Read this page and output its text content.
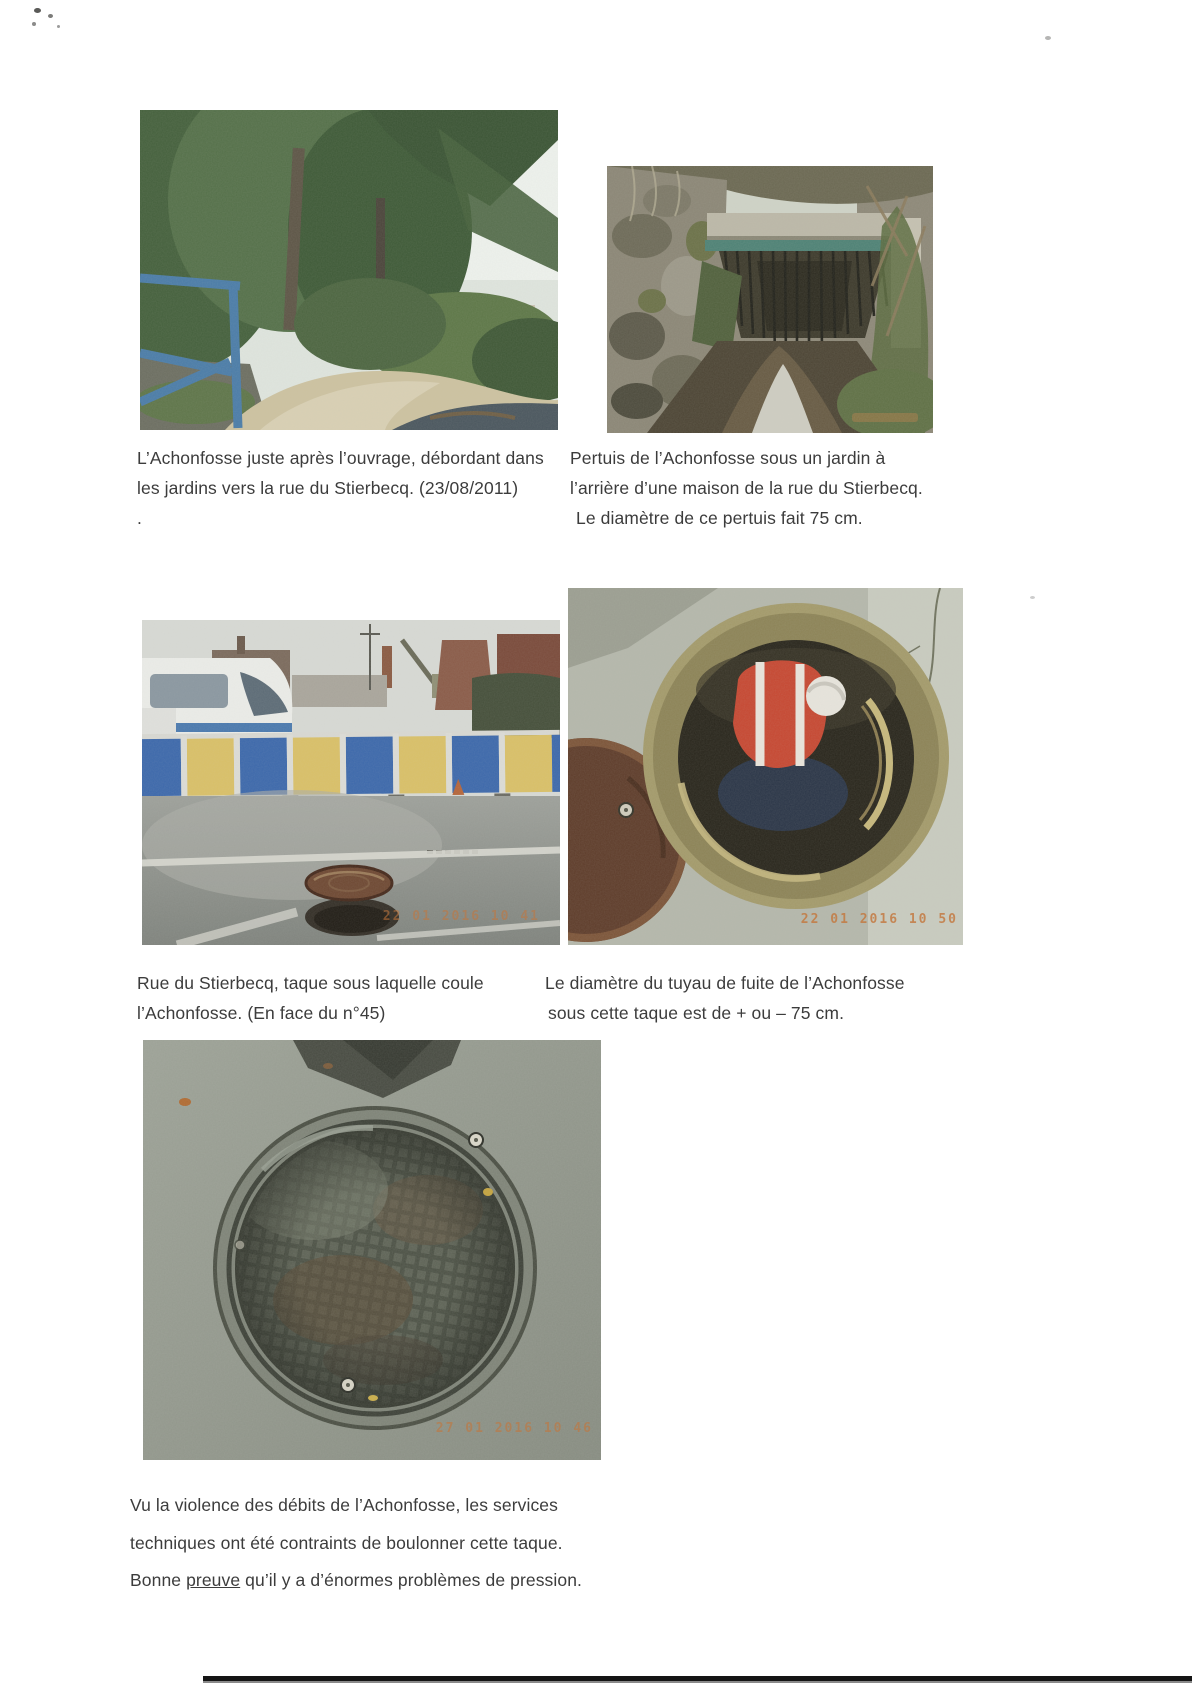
L’Achonfosse juste après l’ouvrage, débordant dans
les jardins vers la rue du Stierbecq. (23/08/2011)
.
Pertuis de l’Achonfosse sous un jardin à
l’arrière d’une maison de la rue du Stierbecq.
Le diamètre de ce pertuis fait 75 cm.
22 01 2016 10 41	22 01 2016 10 50
Rue du Stierbecq, taque sous laquelle coule
l’Achonfosse. (En face du n°45)
Le diamètre du tuyau de fuite de l’Achonfosse
sous cette taque est de + ou – 75 cm.
27 01 2016 10 46
Vu la violence des débits de l’Achonfosse, les services
techniques ont été contraints de boulonner cette taque.
Bonne preuve qu’il y a d’énormes problèmes de pression.
